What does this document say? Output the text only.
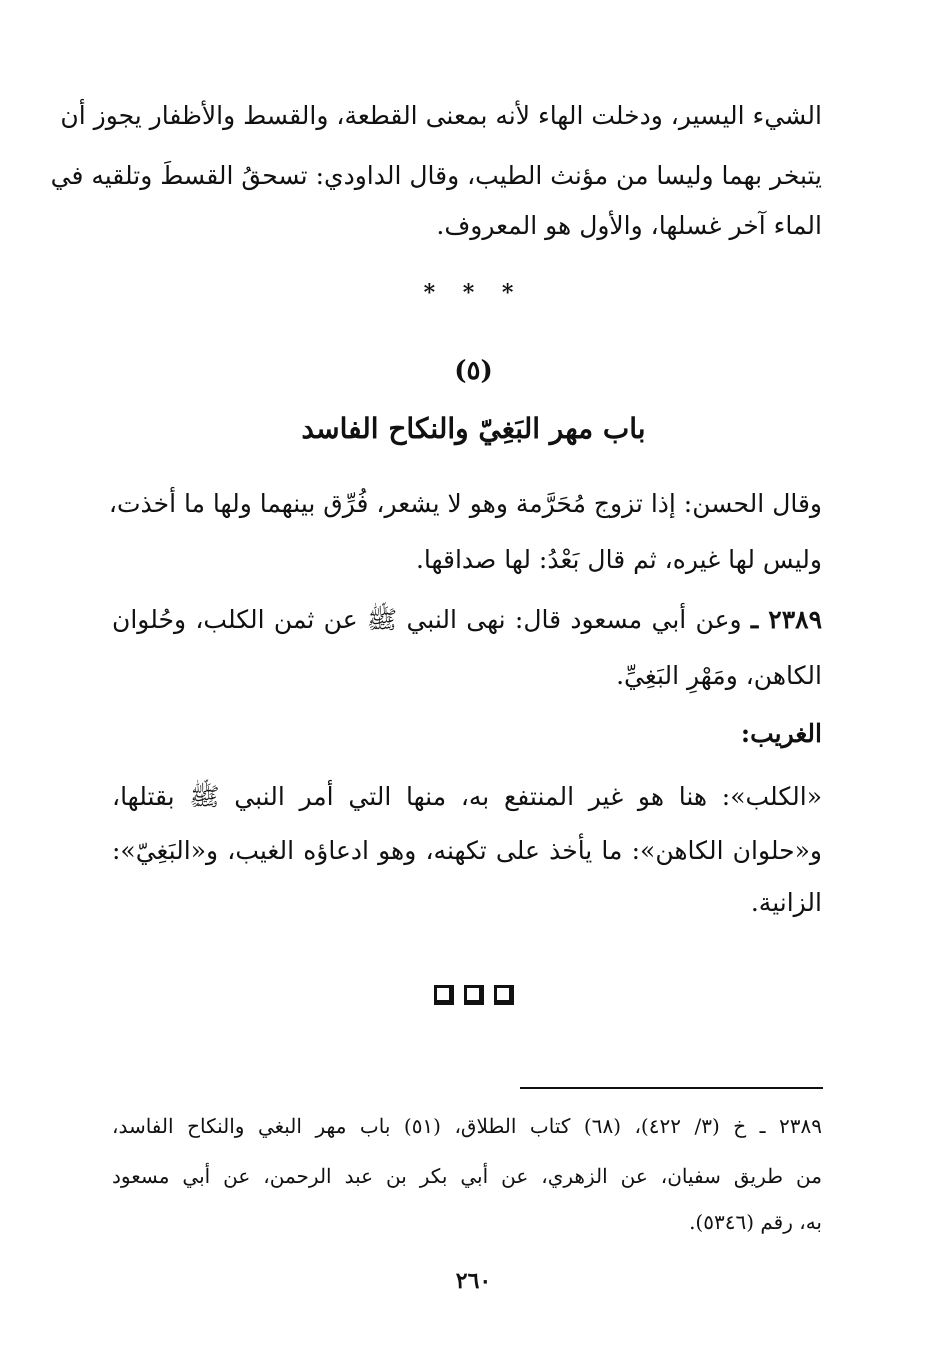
الشيء اليسير، ودخلت الهاء لأنه بمعنى القطعة، والقسط والأظفار يجوز أن
يتبخر بهما وليسا من مؤنث الطيب، وقال الداودي: تسحقُ القسطَ وتلقيه في
الماء آخر غسلها، والأول هو المعروف.
* * *
(٥)
باب مهر البَغِيّ والنكاح الفاسد
وقال الحسن: إذا تزوج مُحَرَّمة وهو لا يشعر، فُرِّق بينهما ولها ما أخذت،
وليس لها غيره، ثم قال بَعْدُ: لها صداقها.
٢٣٨٩ ـ وعن أبي مسعود قال: نهى النبي ﷺ عن ثمن الكلب، وحُلوان
الكاهن، ومَهْرِ البَغِيِّ.
الغريب:
«الكلب»: هنا هو غير المنتفع به، منها التي أمر النبي ﷺ بقتلها،
و«حلوان الكاهن»: ما يأخذ على تكهنه، وهو ادعاؤه الغيب، و«البَغِيّ»:
الزانية.
٢٣٨٩ ـ خ (٣/ ٤٢٢)، (٦٨) كتاب الطلاق، (٥١) باب مهر البغي والنكاح الفاسد،
من طريق سفيان، عن الزهري، عن أبي بكر بن عبد الرحمن، عن أبي مسعود
به، رقم (٥٣٤٦).
٢٦٠
